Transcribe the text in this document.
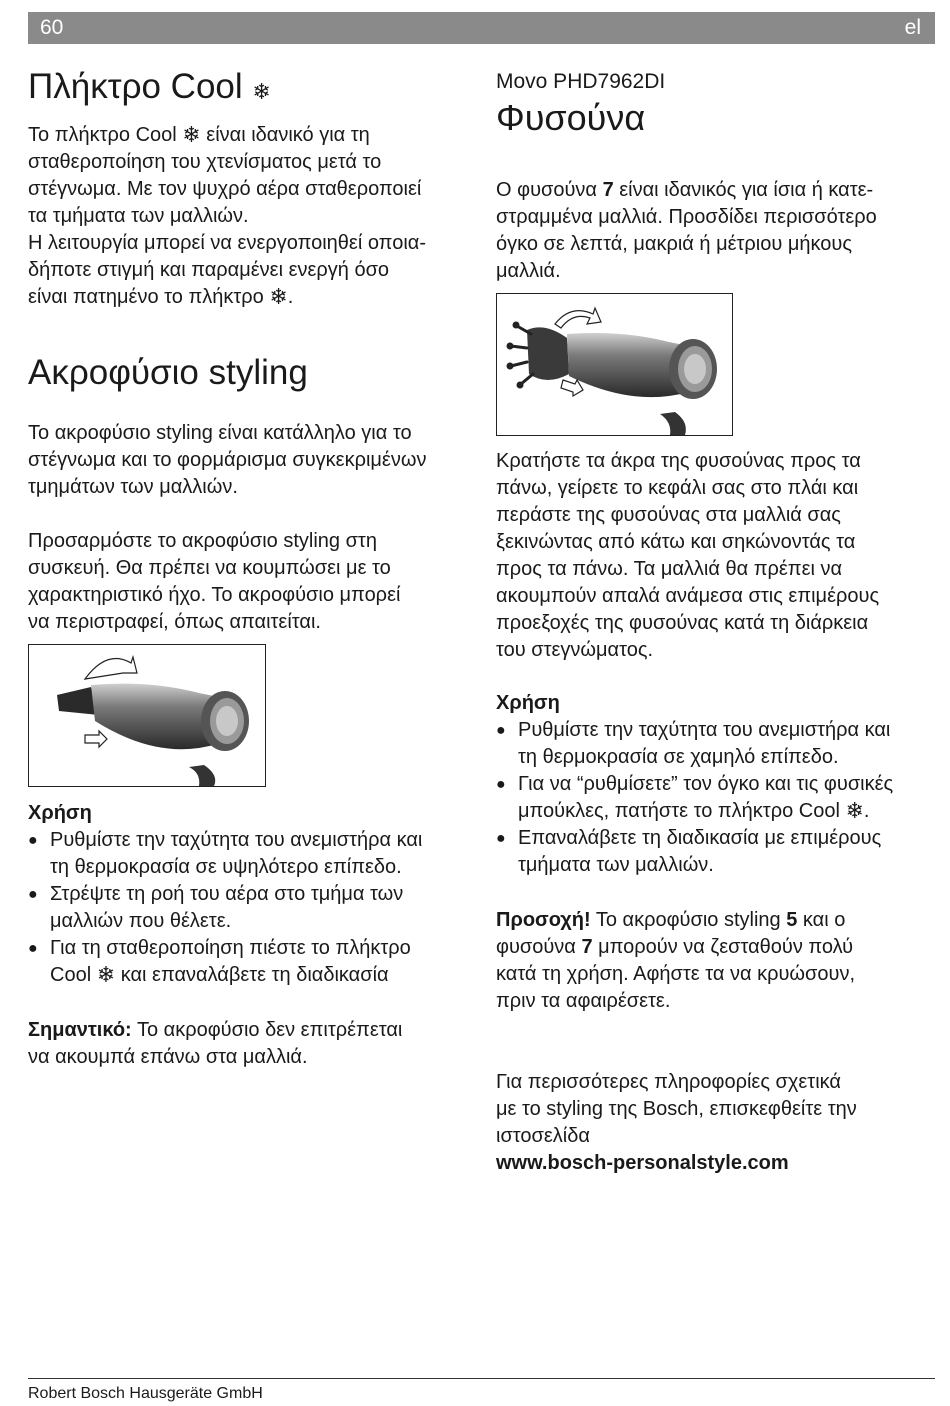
60	el
Πλήκτρο Cool ❄

Το πλήκτρο Cool ❄ είναι ιδανικό για τη
σταθεροποίηση του χτενίσματος μετά το
στέγνωμα. Με τον ψυχρό αέρα σταθεροποιεί
τα τμήματα των μαλλιών.
Η λειτουργία μπορεί να ενεργοποιηθεί οποια-
δήποτε στιγμή και παραμένει ενεργή όσο
είναι πατημένο το πλήκτρο ❄.

Ακροφύσιο styling

Το ακροφύσιο styling είναι κατάλληλο για το
στέγνωμα και το φορμάρισμα συγκεκριμένων
τμημάτων των μαλλιών.

Προσαρμόστε το ακροφύσιο styling στη
συσκευή. Θα πρέπει να κουμπώσει με το
χαρακτηριστικό ήχο. Το ακροφύσιο μπορεί
να περιστραφεί, όπως απαιτείται.

Χρήση

● Ρυθμίστε την ταχύτητα του ανεμιστήρα και
τη θερμοκρασία σε υψηλότερο επίπεδο.
● Στρέψτε τη ροή του αέρα στο τμήμα των
μαλλιών που θέλετε.
● Για τη σταθεροποίηση πιέστε το πλήκτρο
Cool ❄ και επαναλάβετε τη διαδικασία

Σημαντικό: Το ακροφύσιο δεν επιτρέπεται
να ακουμπά επάνω στα μαλλιά.

Μovo PHD7962DI
Φυσούνα

Ο φυσούνα 7 είναι ιδανικός για ίσια ή κατε-
στραμμένα μαλλιά. Προσδίδει περισσότερο
όγκο σε λεπτά, μακριά ή μέτριου μήκους
μαλλιά.

Κρατήστε τα άκρα της φυσούνας προς τα
πάνω, γείρετε το κεφάλι σας στο πλάι και
περάστε της φυσούνας στα μαλλιά σας
ξεκινώντας από κάτω και σηκώνοντάς τα
προς τα πάνω. Τα μαλλιά θα πρέπει να
ακουμπούν απαλά ανάμεσα στις επιμέρους
προεξοχές της φυσούνας κατά τη διάρκεια
του στεγνώματος.

Χρήση

● Ρυθμίστε την ταχύτητα του ανεμιστήρα και
τη θερμοκρασία σε χαμηλό επίπεδο.
● Για να “ρυθμίσετε” τον όγκο και τις φυσικές
μπούκλες, πατήστε το πλήκτρο Cool ❄.
● Επαναλάβετε τη διαδικασία με επιμέρους
τμήματα των μαλλιών.

Προσοχή! Το ακροφύσιο styling 5 και ο
φυσούνα 7 μπορούν να ζεσταθούν πολύ
κατά τη χρήση. Αφήστε τα να κρυώσουν,
πριν τα αφαιρέσετε.

Για περισσότερες πληροφορίες σχετικά
με το styling της Bosch, επισκεφθείτε την
ιστοσελίδα
www.bosch-personalstyle.com

Robert Bosch Hausgeräte GmbH
